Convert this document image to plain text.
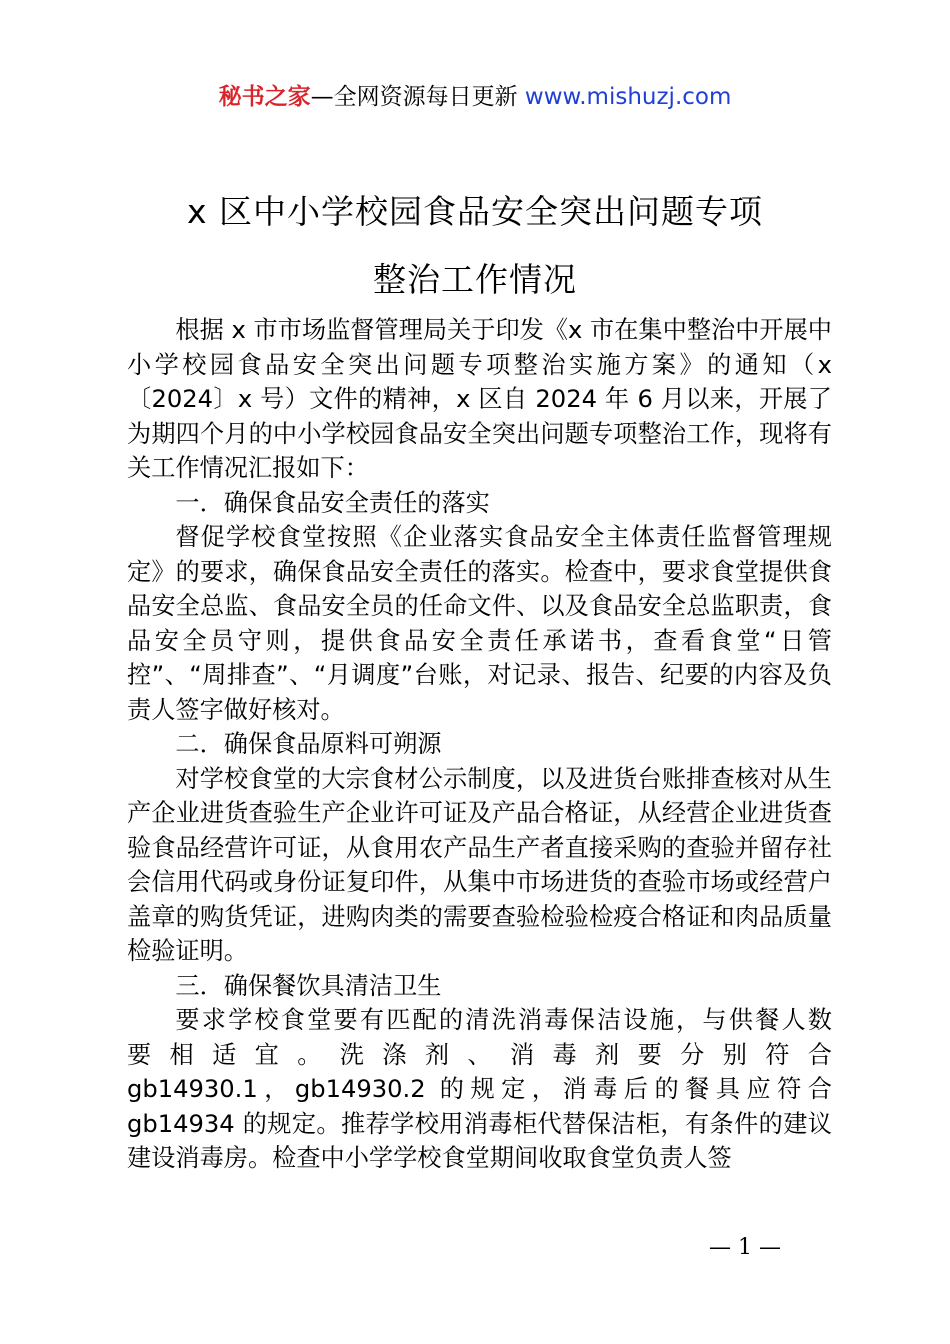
秘书之家—全网资源每日更新 www.mishuzj.com
x 区中小学校园食品安全突出问题专项
整治工作情况

根据 x 市市场监督管理局关于印发《x 市在集中整治中开展中小学校园食品安全突出问题专项整治实施方案》的通知（x〔2024〕x 号）文件的精神，x 区自 2024 年 6 月以来，开展了为期四个月的中小学校园食品安全突出问题专项整治工作，现将有关工作情况汇报如下：

一．确保食品安全责任的落实

督促学校食堂按照《企业落实食品安全主体责任监督管理规定》的要求，确保食品安全责任的落实。检查中，要求食堂提供食品安全总监、食品安全员的任命文件、以及食品安全总监职责，食品安全员守则，提供食品安全责任承诺书，查看食堂“日管控”、“周排查”、“月调度”台账，对记录、报告、纪要的内容及负责人签字做好核对。

二．确保食品原料可朔源

对学校食堂的大宗食材公示制度，以及进货台账排查核对从生产企业进货查验生产企业许可证及产品合格证，从经营企业进货查验食品经营许可证，从食用农产品生产者直接采购的查验并留存社会信用代码或身份证复印件，从集中市场进货的查验市场或经营户盖章的购货凭证，进购肉类的需要查验检验检疫合格证和肉品质量检验证明。

三．确保餐饮具清洁卫生

要求学校食堂要有匹配的清洗消毒保洁设施，与供餐人数

要相适宜。洗涤剂、消毒剂要分别符合

gb14930.1，gb14930.2 的规定，消毒后的餐具应符合 gb14934 的规定。推荐学校用消毒柜代替保洁柜，有条件的建议建设消毒房。检查中小学学校食堂期间收取食堂负责人签

— 1 —
